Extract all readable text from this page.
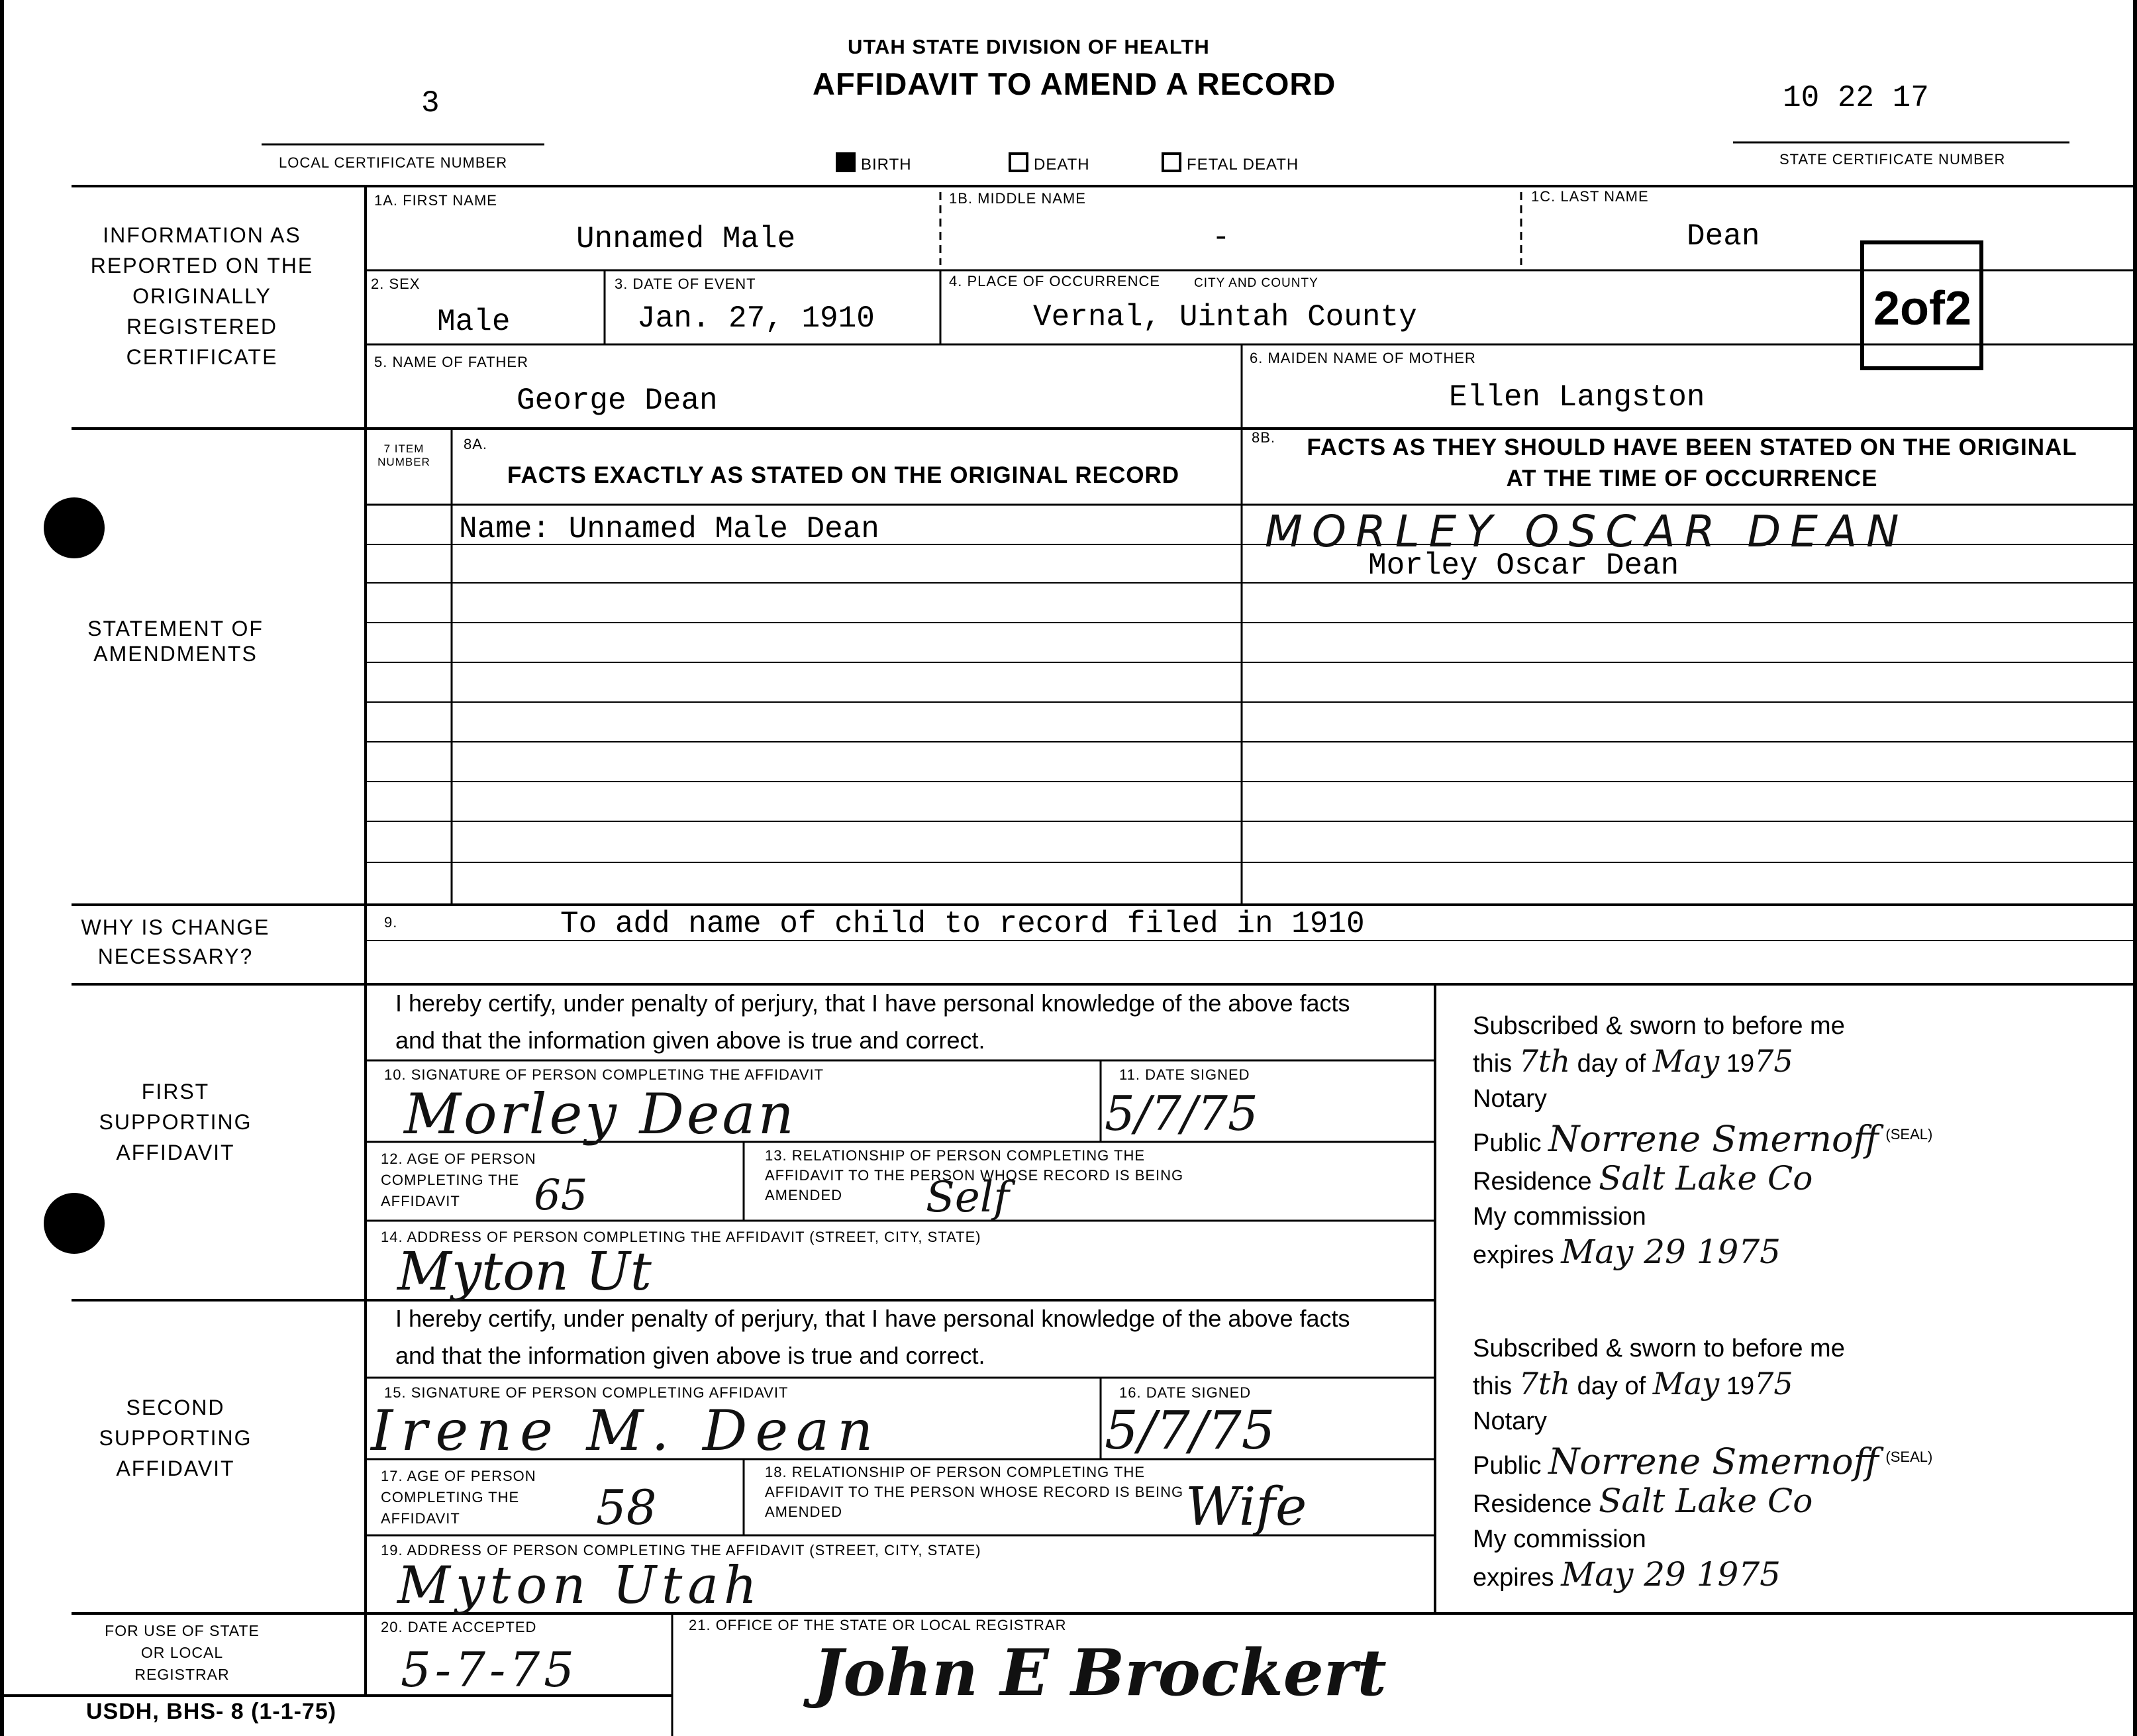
UTAH STATE DIVISION OF HEALTH
AFFIDAVIT TO AMEND A RECORD
3
LOCAL CERTIFICATE NUMBER
10 22 17
STATE CERTIFICATE NUMBER
BIRTH	DEATH	FETAL DEATH
2of2
INFORMATION AS REPORTED ON THE ORIGINALLY REGISTERED CERTIFICATE
1A. FIRST NAME
Unnamed Male
1B. MIDDLE NAME
-
1C. LAST NAME
Dean
2. SEX
Male
3. DATE OF EVENT
Jan. 27, 1910
4. PLACE OF OCCURRENCE	CITY AND COUNTY
Vernal, Uintah County
5. NAME OF FATHER
George Dean
6. MAIDEN NAME OF MOTHER
Ellen Langston
STATEMENT OF AMENDMENTS
7 ITEM NUMBER
8A.
FACTS EXACTLY AS STATED ON THE ORIGINAL RECORD
8B. FACTS AS THEY SHOULD HAVE BEEN STATED ON THE ORIGINAL AT THE TIME OF OCCURRENCE
Name: Unnamed Male Dean	MORLEY OSCAR DEAN
Morley Oscar Dean
WHY IS CHANGE NECESSARY?
9.	To add name of child to record filed in 1910
FIRST SUPPORTING AFFIDAVIT
I hereby certify, under penalty of perjury, that I have personal knowledge of the above facts and that the information given above is true and correct.
10. SIGNATURE OF PERSON COMPLETING THE AFFIDAVIT
Morley Dean
11. DATE SIGNED
5/7/75
12. AGE OF PERSON COMPLETING THE AFFIDAVIT	65
13. RELATIONSHIP OF PERSON COMPLETING THE AFFIDAVIT TO THE PERSON WHOSE RECORD IS BEING AMENDED	Self
14. ADDRESS OF PERSON COMPLETING THE AFFIDAVIT (STREET, CITY, STATE)
Myton Ut
Subscribed & sworn to before me
this 7th day of May 1975
Notary
Public Norrene Smernoff $^{(SEAL)}$
Residence Salt Lake Co
My commission
expires May 29 1975
SECOND SUPPORTING AFFIDAVIT
I hereby certify, under penalty of perjury, that I have personal knowledge of the above facts and that the information given above is true and correct.
15. SIGNATURE OF PERSON COMPLETING AFFIDAVIT
Irene M. Dean
16. DATE SIGNED
5/7/75
17. AGE OF PERSON COMPLETING THE AFFIDAVIT	58
18. RELATIONSHIP OF PERSON COMPLETING THE AFFIDAVIT TO THE PERSON WHOSE RECORD IS BEING AMENDED	Wife
19. ADDRESS OF PERSON COMPLETING THE AFFIDAVIT (STREET, CITY, STATE)
Myton Utah
Subscribed & sworn to before me
this 7th day of May 1975
Notary
Public Norrene Smernoff $^{(SEAL)}$
Residence Salt Lake Co
My commission
expires May 29 1975
FOR USE OF STATE OR LOCAL REGISTRAR
20. DATE ACCEPTED
5-7-75
21. OFFICE OF THE STATE OR LOCAL REGISTRAR
John E Brockert
USDH, BHS- 8 (1-1-75)
